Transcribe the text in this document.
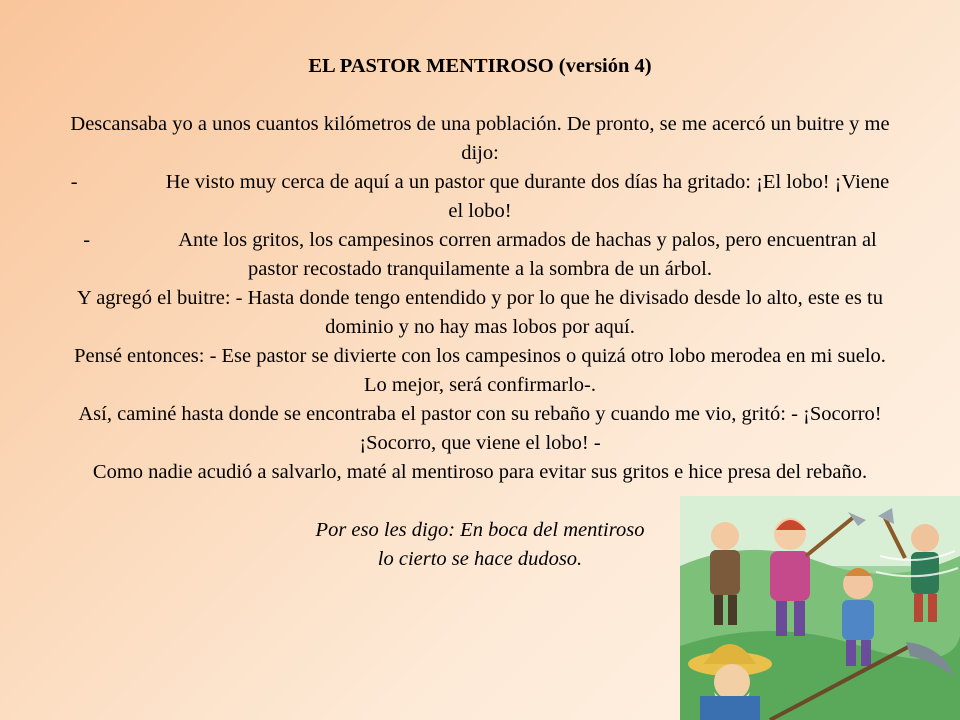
EL PASTOR MENTIROSO (versión 4)

Descansaba yo a unos cuantos kilómetros de una población. De pronto, se me acercó un buitre y me dijo:

-	He visto muy cerca de aquí a un pastor que durante dos días ha gritado: ¡El lobo! ¡Viene el lobo!
-	Ante los gritos, los campesinos corren armados de hachas y palos, pero encuentran al pastor recostado tranquilamente a la sombra de un árbol.

Y agregó el buitre: - Hasta donde tengo entendido y por lo que he divisado desde lo alto, este es tu dominio y no hay mas lobos por aquí.

Pensé entonces: - Ese pastor se divierte con los campesinos o quizá otro lobo merodea en mi suelo. Lo mejor, será confirmarlo-.

Así, caminé hasta donde se encontraba el pastor con su rebaño y cuando me vio, gritó: - ¡Socorro! ¡Socorro, que viene el lobo! -

Como nadie acudió a salvarlo, maté al mentiroso para evitar sus gritos e hice presa del rebaño.

Por eso les digo: En boca del mentiroso
lo cierto se hace dudoso.
